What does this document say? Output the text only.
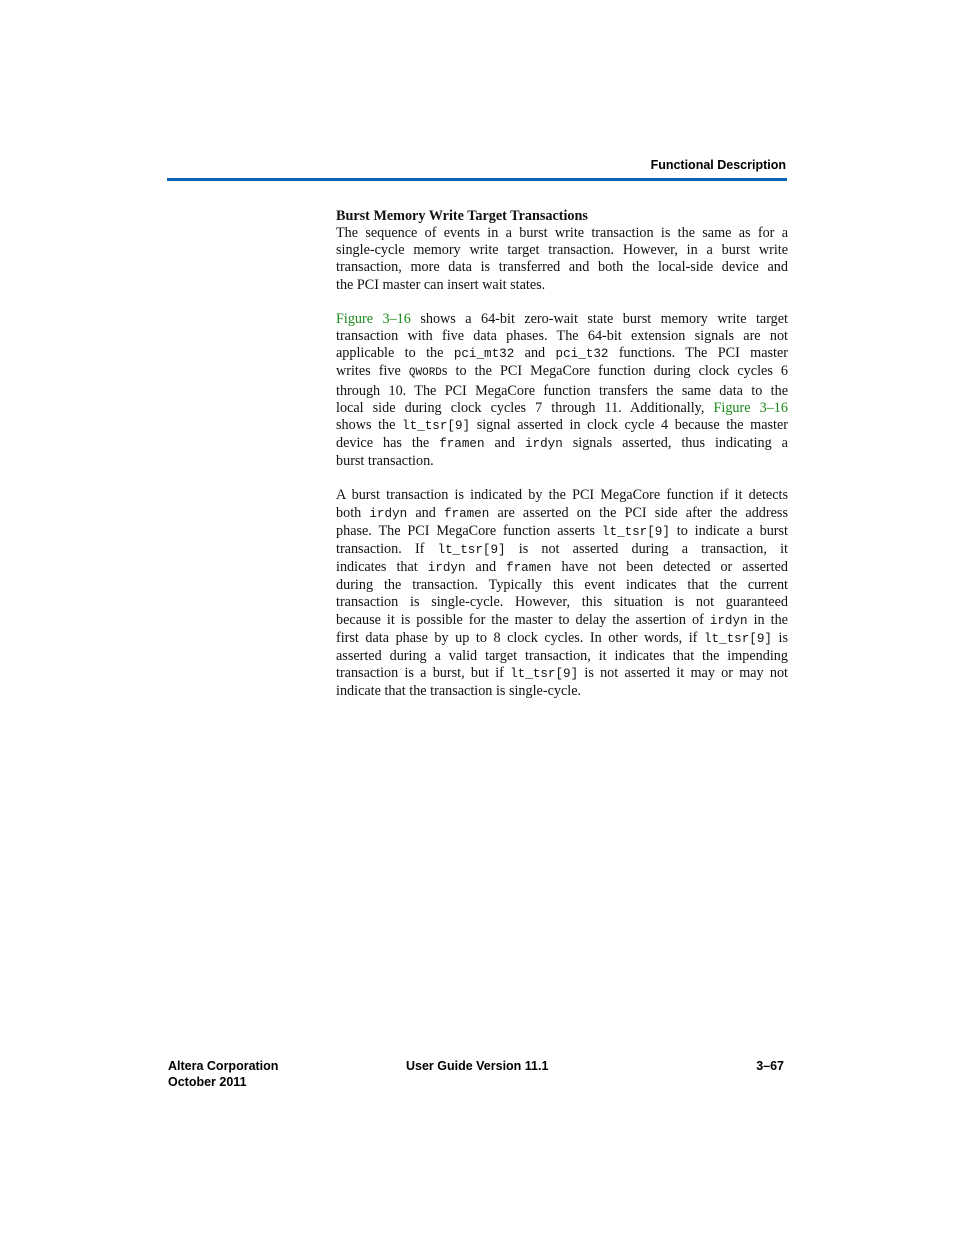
Functional Description

Burst Memory Write Target Transactions

The sequence of events in a burst write transaction is the same as for a
single-cycle memory write target transaction. However, in a burst write
transaction, more data is transferred and both the local-side device and
the PCI master can insert wait states.

Figure 3–16 shows a 64-bit zero-wait state burst memory write target
transaction with five data phases. The 64-bit extension signals are not
applicable to the pci_mt32 and pci_t32 functions. The PCI master
writes five QWORDs to the PCI MegaCore function during clock cycles 6
through 10. The PCI MegaCore function transfers the same data to the
local side during clock cycles 7 through 11. Additionally, Figure 3–16
shows the lt_tsr[9] signal asserted in clock cycle 4 because the master
device has the framen and irdyn signals asserted, thus indicating a
burst transaction.

A burst transaction is indicated by the PCI MegaCore function if it detects
both irdyn and framen are asserted on the PCI side after the address
phase. The PCI MegaCore function asserts lt_tsr[9] to indicate a burst
transaction. If lt_tsr[9] is not asserted during a transaction, it
indicates that irdyn and framen have not been detected or asserted
during the transaction. Typically this event indicates that the current
transaction is single-cycle. However, this situation is not guaranteed
because it is possible for the master to delay the assertion of irdyn in the
first data phase by up to 8 clock cycles. In other words, if lt_tsr[9] is
asserted during a valid target transaction, it indicates that the impending
transaction is a burst, but if lt_tsr[9] is not asserted it may or may not
indicate that the transaction is single-cycle.

Altera Corporation
October 2011
User Guide Version 11.1	3–67
